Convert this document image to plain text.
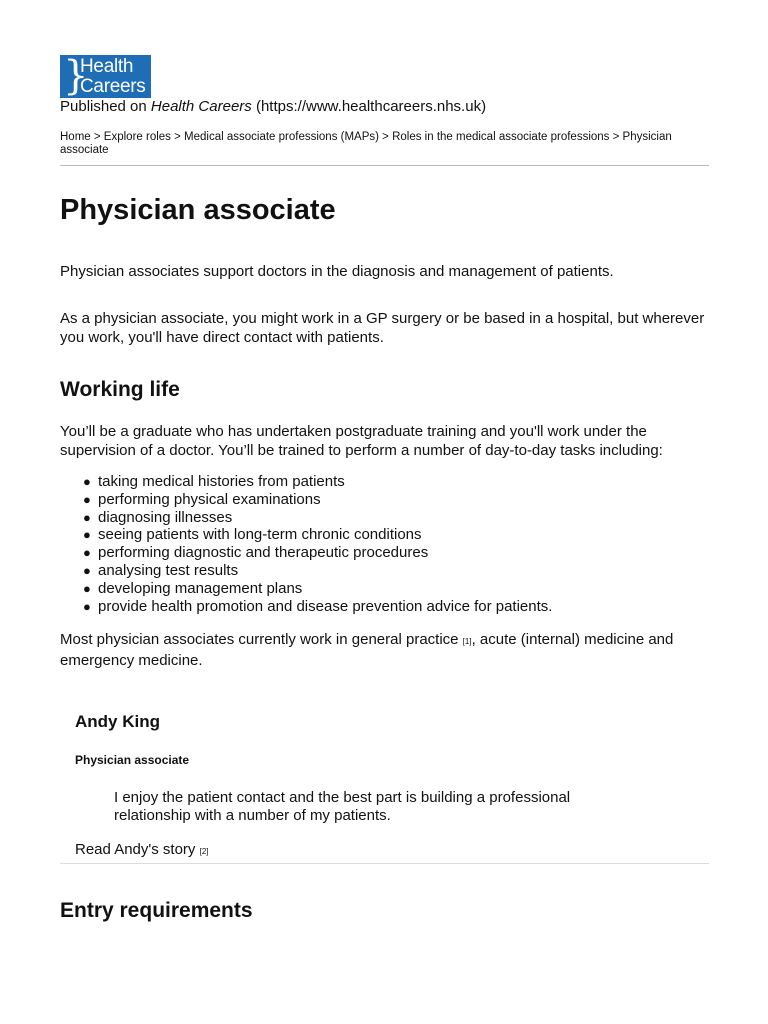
}
Health
Careers

Published on Health Careers (https://www.healthcareers.nhs.uk)

Home > Explore roles > Medical associate professions (MAPs) > Roles in the medical associate professions > Physician associate

Physician associate

Physician associates support doctors in the diagnosis and management of patients.

As a physician associate, you might work in a GP surgery or be based in a hospital, but wherever you work, you'll have direct contact with patients.

Working life

You’ll be a graduate who has undertaken postgraduate training and you'll work under the supervision of a doctor. You’ll be trained to perform a number of day-to-day tasks including:

● taking medical histories from patients
● performing physical examinations
● diagnosing illnesses
● seeing patients with long-term chronic conditions
● performing diagnostic and therapeutic procedures
● analysing test results
● developing management plans
● provide health promotion and disease prevention advice for patients.

Most physician associates currently work in general practice [1], acute (internal) medicine and emergency medicine.

Andy King

Physician associate

I enjoy the patient contact and the best part is building a professional relationship with a number of my patients.

Read Andy's story [2]

Entry requirements
